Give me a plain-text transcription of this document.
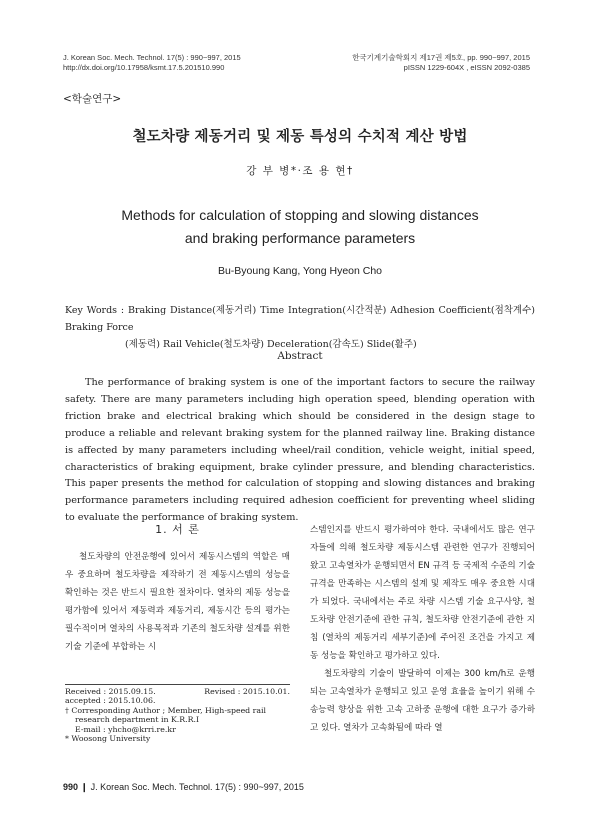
J. Korean Soc. Mech. Technol. 17(5) : 990~997, 2015
http://dx.doi.org/10.17958/ksmt.17.5.201510.990
한국기계기술학회지 제17권 제5호, pp. 990~997, 2015
pISSN 1229-604X , eISSN 2092-0385
<학술연구>
철도차량 제동거리 및 제동 특성의 수치적 계산 방법
강 부 병*·조 용 현†
Methods for calculation of stopping and slowing distances
and braking performance parameters
Bu-Byoung Kang, Yong Hyeon Cho
Key Words : Braking Distance(제동거리) Time Integration(시간적분) Adhesion Coefficient(점착계수) Braking Force
(제동력) Rail Vehicle(철도차량) Deceleration(감속도) Slide(활주)
Abstract

The performance of braking system is one of the important factors to secure the railway safety. There are many parameters including high operation speed, blending operation with friction brake and electrical braking which should be considered in the design stage to produce a reliable and relevant braking system for the planned railway line. Braking distance is affected by many parameters including wheel/rail condition, vehicle weight, initial speed, characteristics of braking equipment, brake cylinder pressure, and blending characteristics. This paper presents the method for calculation of stopping and slowing distances and braking performance parameters including required adhesion coefficient for preventing wheel sliding to evaluate the performance of braking system.

1. 서 론

철도차량의 안전운행에 있어서 제동시스템의 역할은 매우 중요하며 철도차량을 제작하기 전 제동시스템의 성능을 확인하는 것은 반드시 필요한 절차이다. 열차의 제동 성능을 평가함에 있어서 제동력과 제동거리, 제동시간 등의 평가는 필수적이며 열차의 사용목적과 기존의 철도차량 설계를 위한 기술 기준에 부합하는 시

스템인지를 반드시 평가하여야 한다. 국내에서도 많은 연구자들에 의해 철도차량 제동시스템 관련한 연구가 진행되어 왔고 고속열차가 운행되면서 EN 규격 등 국제적 수준의 기술 규격을 만족하는 시스템의 설계 및 제작도 매우 중요한 시대가 되었다. 국내에서는 주로 차량 시스템 기술 요구사양, 철도차량 안전기준에 관한 규칙, 철도차량 안전기준에 관한 지침 (열차의 제동거리 세부기준)에 주어진 조건을 가지고 제동 성능을 확인하고 평가하고 있다.

철도차량의 기술이 발달하여 이제는 300 km/h로 운행되는 고속열차가 운행되고 있고 운영 효율을 높이기 위해 수송능력 향상을 위한 고속 고하중 운행에 대한 요구가 증가하고 있다. 열차가 고속화됨에 따라 열

Received : 2015.09.15.	Revised : 2015.10.01.
accepted : 2015.10.06.
† Corresponding Author ; Member, High-speed rail
research department in K.R.R.I
E-mail : yhcho@krri.re.kr
* Woosong University
990 ❙ J. Korean Soc. Mech. Technol. 17(5) : 990~997, 2015
